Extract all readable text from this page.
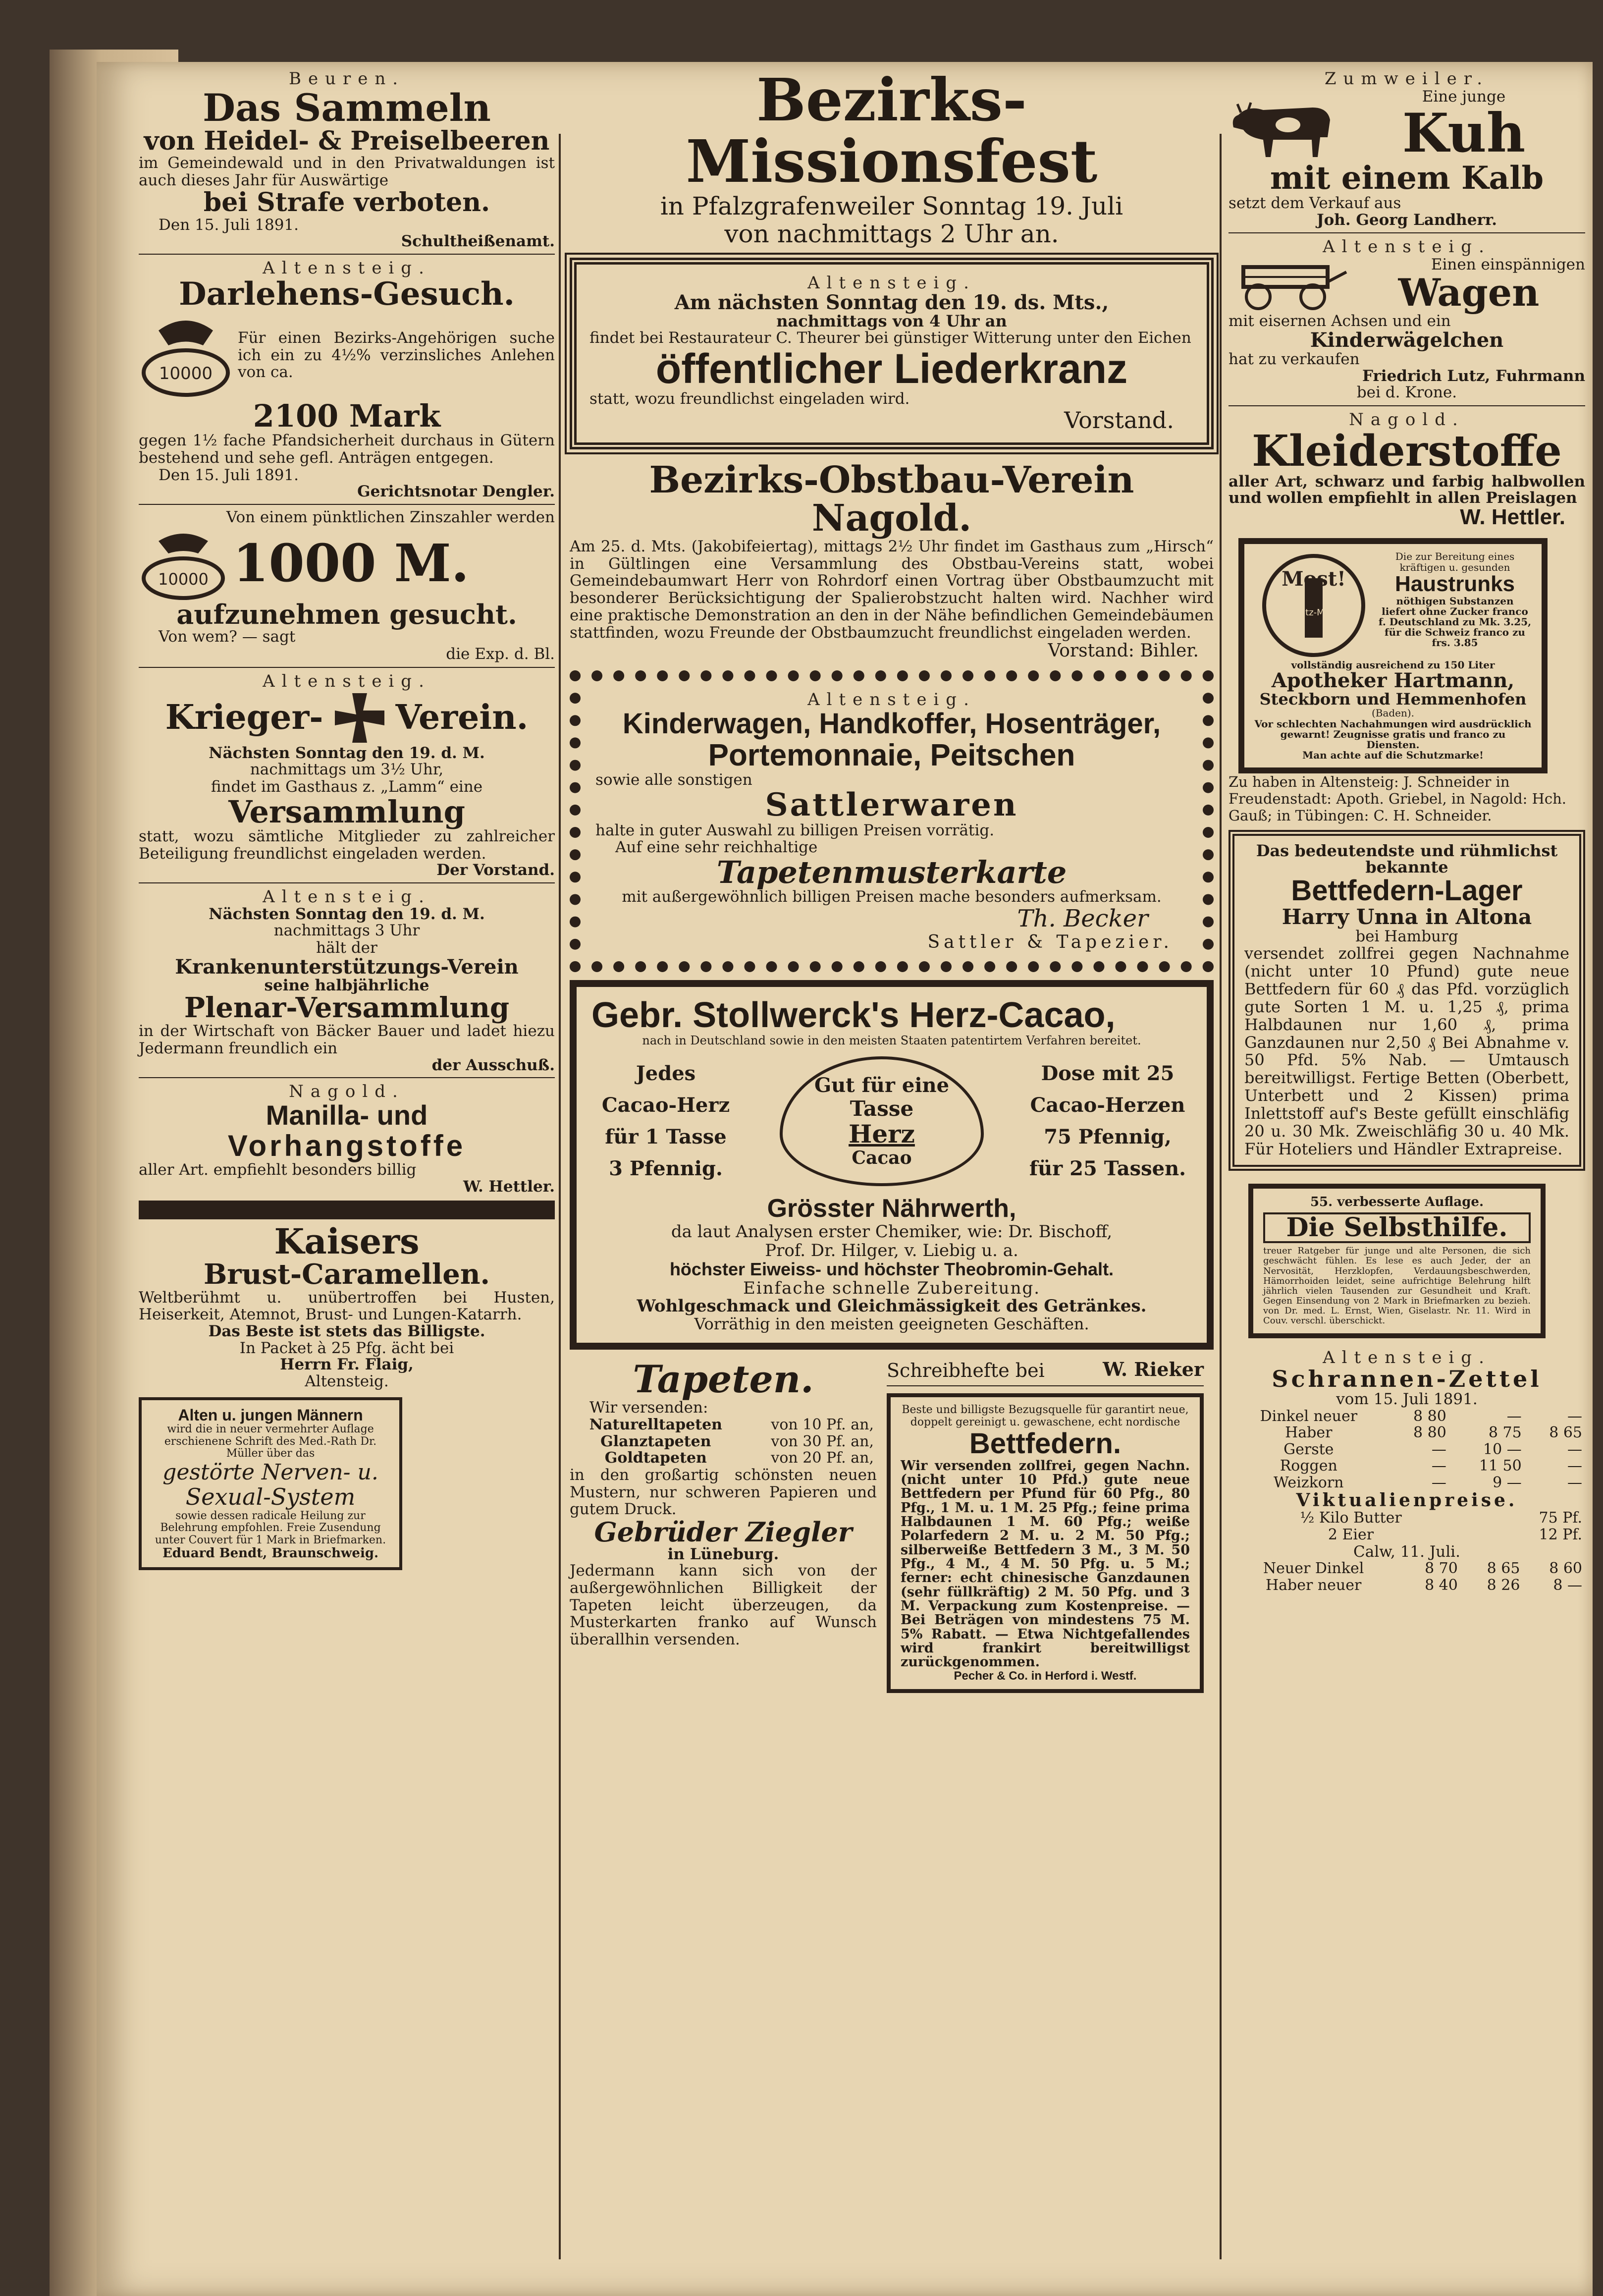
Beuren.
Das Sammeln
von Heidel- & Preiselbeeren
im Gemeindewald und in den Privatwaldungen ist auch dieses Jahr für Auswärtige
bei Strafe verboten.
Den 15. Juli 1891.
Schultheißenamt.
Altensteig.
Darlehens-Gesuch.
10000
Für einen Bezirks-Angehörigen suche ich ein zu 4½% verzinsliches Anlehen von ca.
2100 Mark
gegen 1½ fache Pfandsicherheit durchaus in Gütern bestehend und sehe gefl. Anträgen entgegen.
Den 15. Juli 1891.
Gerichtsnotar Dengler.
Von einem pünktlichen Zinszahler werden
10000 1000 M.
aufzunehmen gesucht.
Von wem? — sagt
die Exp. d. Bl.
Altensteig.
Krieger- Verein.
Nächsten Sonntag den 19. d. M.
nachmittags um 3½ Uhr,
findet im Gasthaus z. „Lamm“ eine
Versammlung
statt, wozu sämtliche Mitglieder zu zahlreicher Beteiligung freundlichst eingeladen werden.
Der Vorstand.
Altensteig.
Nächsten Sonntag den 19. d. M.
nachmittags 3 Uhr
hält der
Krankenunterstützungs-Verein
seine halbjährliche
Plenar-Versammlung
in der Wirtschaft von Bäcker Bauer und ladet hiezu Jedermann freundlich ein
der Ausschuß.
Nagold.
Manilla- und
Vorhangstoffe
aller Art. empfiehlt besonders billig
W. Hettler.
Kaisers
Brust-Caramellen.
Weltberühmt u. unübertroffen bei Husten, Heiserkeit, Atemnot, Brust- und Lungen-Katarrh.
Das Beste ist stets das Billigste.
In Packet à 25 Pfg. ächt bei
Herrn Fr. Flaig,
Altensteig.
Alten u. jungen Männern
wird die in neuer vermehrter Auflage erschienene Schrift des Med.-Rath Dr. Müller über das
gestörte Nerven- u.
Sexual-System
sowie dessen radicale Heilung zur Belehrung empfohlen. Freie Zusendung unter Couvert für 1 Mark in Briefmarken.
Eduard Bendt, Braunschweig.
Bezirks-Missionsfest
in Pfalzgrafenweiler Sonntag 19. Juli
von nachmittags 2 Uhr an.
Altensteig.
Am nächsten Sonntag den 19. ds. Mts.,
nachmittags von 4 Uhr an
findet bei Restaurateur C. Theurer bei günstiger Witterung unter den Eichen
öffentlicher Liederkranz
statt, wozu freundlichst eingeladen wird.
Vorstand.
Bezirks-Obstbau-Verein Nagold.
Am 25. d. Mts. (Jakobifeiertag), mittags 2½ Uhr findet im Gasthaus zum „Hirsch“ in Gültlingen eine Versammlung des Obstbau-Vereins statt, wobei Gemeindebaumwart Herr von Rohrdorf einen Vortrag über Obstbaumzucht mit besonderer Berücksichtigung der Spalierobstzucht halten wird. Nachher wird eine praktische Demonstration an den in der Nähe befindlichen Gemeindebäumen stattfinden, wozu Freunde der Obstbaumzucht freundlichst eingeladen werden.
Vorstand: Bihler.
Altensteig.
Kinderwagen, Handkoffer, Hosenträger,
Portemonnaie, Peitschen
sowie alle sonstigen
Sattlerwaren
halte in guter Auswahl zu billigen Preisen vorrätig.
Auf eine sehr reichhaltige
Tapetenmusterkarte
mit außergewöhnlich billigen Preisen mache besonders aufmerksam.
Th. Becker
Sattler & Tapezier.
Gebr. Stollwerck's Herz-Cacao,
nach in Deutschland sowie in den meisten Staaten patentirtem Verfahren bereitet.
Jedes
Cacao-Herz
für 1 Tasse
3 Pfennig.
Gut für eine
Tasse
Herz
Cacao
Dose mit 25
Cacao-Herzen
75 Pfennig,
für 25 Tassen.
Grösster Nährwerth,
da laut Analysen erster Chemiker, wie: Dr. Bischoff,
Prof. Dr. Hilger, v. Liebig u. a.
höchster Eiweiss- und höchster Theobromin-Gehalt.
Einfache schnelle Zubereitung.
Wohlgeschmack und Gleichmässigkeit des Getränkes.
Vorräthig in den meisten geeigneten Geschäften.
Tapeten.
Wir versenden:
Naturelltapeten	von 10 Pf. an,
Glanztapeten	von 30 Pf. an,
Goldtapeten	von 20 Pf. an,
in den großartig schönsten neuen Mustern, nur schweren Papieren und gutem Druck.
Gebrüder Ziegler
in Lüneburg.
Jedermann kann sich von der außergewöhnlichen Billigkeit der Tapeten leicht überzeugen, da Musterkarten franko auf Wunsch überallhin versenden.
Schreibhefte bei	W. Rieker
Beste und billigste Bezugsquelle für garantirt neue, doppelt gereinigt u. gewaschene, echt nordische
Bettfedern.
Wir versenden zollfrei, gegen Nachn. (nicht unter 10 Pfd.) gute neue Bettfedern per Pfund für 60 Pfg., 80 Pfg., 1 M. u. 1 M. 25 Pfg.; feine prima Halbdaunen 1 M. 60 Pfg.; weiße Polarfedern 2 M. u. 2 M. 50 Pfg.; silberweiße Bettfedern 3 M., 3 M. 50 Pfg., 4 M., 4 M. 50 Pfg. u. 5 M.; ferner: echt chinesische Ganzdaunen (sehr füllkräftig) 2 M. 50 Pfg. und 3 M. Verpackung zum Kostenpreise. — Bei Beträgen von mindestens 75 M. 5% Rabatt. — Etwa Nichtgefallendes wird frankirt bereitwilligst zurückgenommen.
Pecher & Co. in Herford i. Westf.
Zumweiler.
Eine junge
Kuh
mit einem Kalb
setzt dem Verkauf aus
Joh. Georg Landherr.
Altensteig.
Einen einspännigen
Wagen
mit eisernen Achsen und ein
Kinderwägelchen
hat zu verkaufen
Friedrich Lutz, Fuhrmann
bei d. Krone.
Nagold.
Kleiderstoffe
aller Art, schwarz und farbig halbwollen und wollen empfiehlt in allen Preislagen
W. Hettler.
Most!
Schutz-Marke
Die zur Bereitung eines kräftigen u. gesunden
Haustrunks
nöthigen Substanzen liefert ohne Zucker franco f. Deutschland zu Mk. 3.25, für die Schweiz franco zu frs. 3.85
vollständig ausreichend zu 150 Liter
Apotheker Hartmann,
Steckborn und Hemmenhofen
(Baden).
Vor schlechten Nachahmungen wird ausdrücklich gewarnt! Zeugnisse gratis und franco zu Diensten.
Man achte auf die Schutzmarke!
Zu haben in Altensteig: J. Schneider in Freudenstadt: Apoth. Griebel, in Nagold: Hch. Gauß; in Tübingen: C. H. Schneider.
Das bedeutendste und rühmlichst bekannte
Bettfedern-Lager
Harry Unna in Altona
bei Hamburg
versendet zollfrei gegen Nachnahme (nicht unter 10 Pfund) gute neue Bettfedern für 60 ₰ das Pfd. vorzüglich gute Sorten 1 M. u. 1,25 ₰, prima Halbdaunen nur 1,60 ₰, prima Ganzdaunen nur 2,50 ₰ Bei Abnahme v. 50 Pfd. 5% Nab. — Umtausch bereitwilligst. Fertige Betten (Oberbett, Unterbett und 2 Kissen) prima Inlettstoff auf's Beste gefüllt einschläfig 20 u. 30 Mk. Zweischläfig 30 u. 40 Mk. Für Hoteliers und Händler Extrapreise.
55. verbesserte Auflage.
Die Selbsthilfe.
treuer Ratgeber für junge und alte Personen, die sich geschwächt fühlen. Es lese es auch Jeder, der an Nervosität, Herzklopfen, Verdauungsbeschwerden, Hämorrhoiden leidet, seine aufrichtige Belehrung hilft jährlich vielen Tausenden zur Gesundheit und Kraft. Gegen Einsendung von 2 Mark in Briefmarken zu bezieh. von Dr. med. L. Ernst, Wien, Giselastr. Nr. 11. Wird in Couv. verschl. überschickt.
Altensteig.
Schrannen-Zettel
vom 15. Juli 1891.
Dinkel neuer	8 80	—	—
Haber	8 80	8 75	8 65
Gerste	—	10 —	—
Roggen	—	11 50	—
Weizkorn	—	9 —	—
Viktualienpreise.
½ Kilo Butter	75 Pf.
2 Eier	12 Pf.
Calw, 11. Juli.
Neuer Dinkel	8 70	8 65	8 60
Haber neuer	8 40	8 26	8 —
